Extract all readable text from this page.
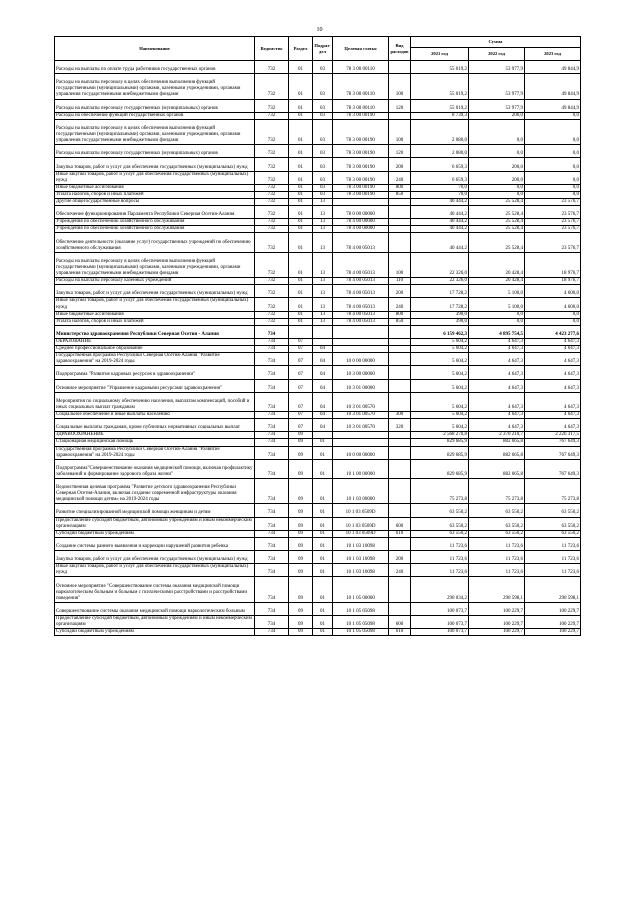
10
Наименование	Ведомство	Раздел	Подраз-дел	Целевая статья	Вид расходов	Сумма		
						2021 год	2022 год	2023 год
Расходы на выплаты по оплате труда работников государственных органов	732	01	03	78 3 00 00110		55 019,2	53 977,9	49 844,9
Расходы на выплаты персоналу в целях обеспечения выполнения функций государственными (муниципальными) органами, казенными учреждениями, органами управления государственными внебюджетными фондами	732	01	03	78 3 00 00110	100	55 019,2	53 977,9	49 844,9
Расходы на выплаты персоналу государственных (муниципальных) органов	732	01	03	78 3 00 00110	120	55 019,2	53 977,9	49 844,9
Расходы на обеспечение функций государственных органов	732	01	03	78 3 00 00190		8 739,3	200,0	0,0
Расходы на выплаты персоналу в целях обеспечения выполнения функций государственными (муниципальными) органами, казенными учреждениями, органами управления государственными внебюджетными фондами	732	01	03	78 3 00 00190	100	2 080,0	0,0	0,0
Расходы на выплаты персоналу государственных (муниципальных) органов	732	01	03	78 3 00 00190	120	2 080,0	0,0	0,0
Закупка товаров, работ и услуг для обеспечения государственных (муниципальных) нужд	732	01	03	78 3 00 00190	200	6 659,3	200,0	0,0
Иные закупки товаров, работ и услуг для обеспечения государственных (муниципальных) нужд	732	01	03	78 3 00 00190	240	6 659,3	200,0	0,0
Иные бюджетные ассигнования	732	01	03	78 3 00 00190	800	70,0	0,0	0,0
Уплата налогов, сборов и иных платежей	732	01	03	78 3 00 00190	850	70,0	0,0	0,0
Другие общегосударственные вопросы	732	01	13			40 444,2	25 528,4	23 576,7
Обеспечение функционирования Парламента Республики Северная Осетия-Алания	732	01	13	78 0 00 00000		40 444,2	25 528,4	23 576,7
Учреждения по обеспечению хозяйственного обслуживания	732	01	13	78 4 00 00000		40 444,2	25 528,4	23 576,7
Учреждения по обеспечению хозяйственного обслуживания	732	01	13	78 4 00 00000		40 444,2	25 528,4	23 576,7
Обеспечение деятельности (оказание услуг) государственных учреждений по обеспечению хозяйственного обслуживания	732	01	13	78 4 00 05013		40 444,2	25 528,4	23 576,7
Расходы на выплаты персоналу в целях обеспечения выполнения функций государственными (муниципальными) органами, казенными учреждениями, органами управления государственными внебюджетными фондами	732	01	13	78 4 00 05013	100	22 326,0	20 428,4	18 976,7
Расходы на выплаты персоналу казенных учреждений	732	01	13	78 4 00 05013	110	22 326,0	20 428,4	18 976,7
Закупка товаров, работ и услуг для обеспечения государственных (муниципальных) нужд	732	01	13	78 4 00 05013	200	17 728,2	5 100,0	4 600,0
Иные закупки товаров, работ и услуг для обеспечения государственных (муниципальных) нужд	732	01	13	78 4 00 05013	240	17 728,2	5 100,0	4 600,0
Иные бюджетные ассигнования	732	01	13	78 4 00 05013	800	390,0	0,0	0,0
Уплата налогов, сборов и иных платежей	732	01	13	78 4 00 05013	850	390,0	0,0	0,0
Министерство здравоохранения Республики Северная Осетия - Алания	734					6 159 462,3	4 895 754,5	4 423 277,6
ОБРАЗОВАНИЕ	734	07				5 604,2	4 647,3	4 647,3
Среднее профессиональное образование	734	07	04			5 604,2	4 647,3	4 647,3
Государственная программа Республики Северная Осетия-Алания "Развитие здравоохранения" на 2019-2024 годы	734	07	04	10 0 00 00000		5 604,2	4 647,3	4 647,3
Подпрограмма "Развитие кадровых ресурсов в здравоохранении"	734	07	04	10 3 00 00000		5 604,2	4 647,3	4 647,3
Основное мероприятие "Управление кадровыми ресурсами здравоохранения"	734	07	04	10 3 01 00000		5 604,2	4 647,3	4 647,3
Мероприятия по социальному обеспечению населения, выплатам компенсаций, пособий и иных социальных выплат гражданам	734	07	04	10 3 01 00570		5 604,2	4 647,3	4 647,3
Социальное обеспечение и иные выплаты населению	734	07	04	10 3 01 00570	300	5 604,2	4 647,3	4 647,3
Социальные выплаты гражданам, кроме публичных нормативных социальных выплат	734	07	04	10 3 01 00570	320	5 604,2	4 647,3	4 647,3
ЗДРАВООХРАНЕНИЕ	734	09				2 568 270,8	2 370 210,7	2 226 317,5
Стационарная медицинская помощь	734	09	01			829 685,9	882 665,8	767 649,3
Государственная программа Республики Северная Осетия-Алания "Развитие здравоохранения" на 2019-2024 годы	734	09	01	10 0 00 00000		829 685,9	882 665,8	767 649,3
Подпрограмма"Совершенствование оказания медицинской помощи, включая профилактику заболеваний и формирование здорового образа жизни"	734	09	01	10 1 00 00000		829 685,9	882 665,8	767 649,3
Ведомственная целевая программа "Развитие детского здравоохранения Республики Северная Осетия-Алания, включая создание современной инфраструктуры оказания медицинской помощи детям» на 2019-2024 годы	734	09	01	10 1 03 00000		75 273,8	75 273,8	75 273,8
Развитие специализированной медицинской помощи женщинам и детям	734	09	01	10 1 03 0509D		63 550,2	63 550,2	63 550,2
Предоставление субсидий бюджетным, автономным учреждениям и иным некоммерческим организациям	734	09	01	10 1 03 0509D	600	63 550,2	63 550,2	63 550,2
Субсидии бюджетным учреждениям	734	09	01	10 1 03 0509D	610	63 550,2	63 550,2	63 550,2
Создание системы раннего выявления и коррекции нарушений развития ребенка	734	09	01	10 1 03 10098		11 723,6	11 723,6	11 723,6
Закупка товаров, работ и услуг для обеспечения государственных (муниципальных) нужд	734	09	01	10 1 03 10098	200	11 723,6	11 723,6	11 723,6
Иные закупки товаров, работ и услуг для обеспечения государственных (муниципальных) нужд	734	09	01	10 1 03 10098	240	11 723,6	11 723,6	11 723,6
Основное мероприятие "Совершенствование системы оказания медицинской помощи наркологическим больным и больным с психическими расстройствами и расстройствами поведения"	734	09	01	10 1 05 00000		290 034,2	290 598,1	290 598,1
Совершенствование системы оказания медицинской помощи наркологическим больным	734	09	01	10 1 05 05098		100 073,7	100 229,7	100 229,7
Предоставление субсидий бюджетным, автономным учреждениям и иным некоммерческим организациям	734	09	01	10 1 05 05098	600	100 073,7	100 229,7	100 229,7
Субсидии бюджетным учреждениям	734	09	01	10 1 05 05098	610	100 073,7	100 229,7	100 229,7
